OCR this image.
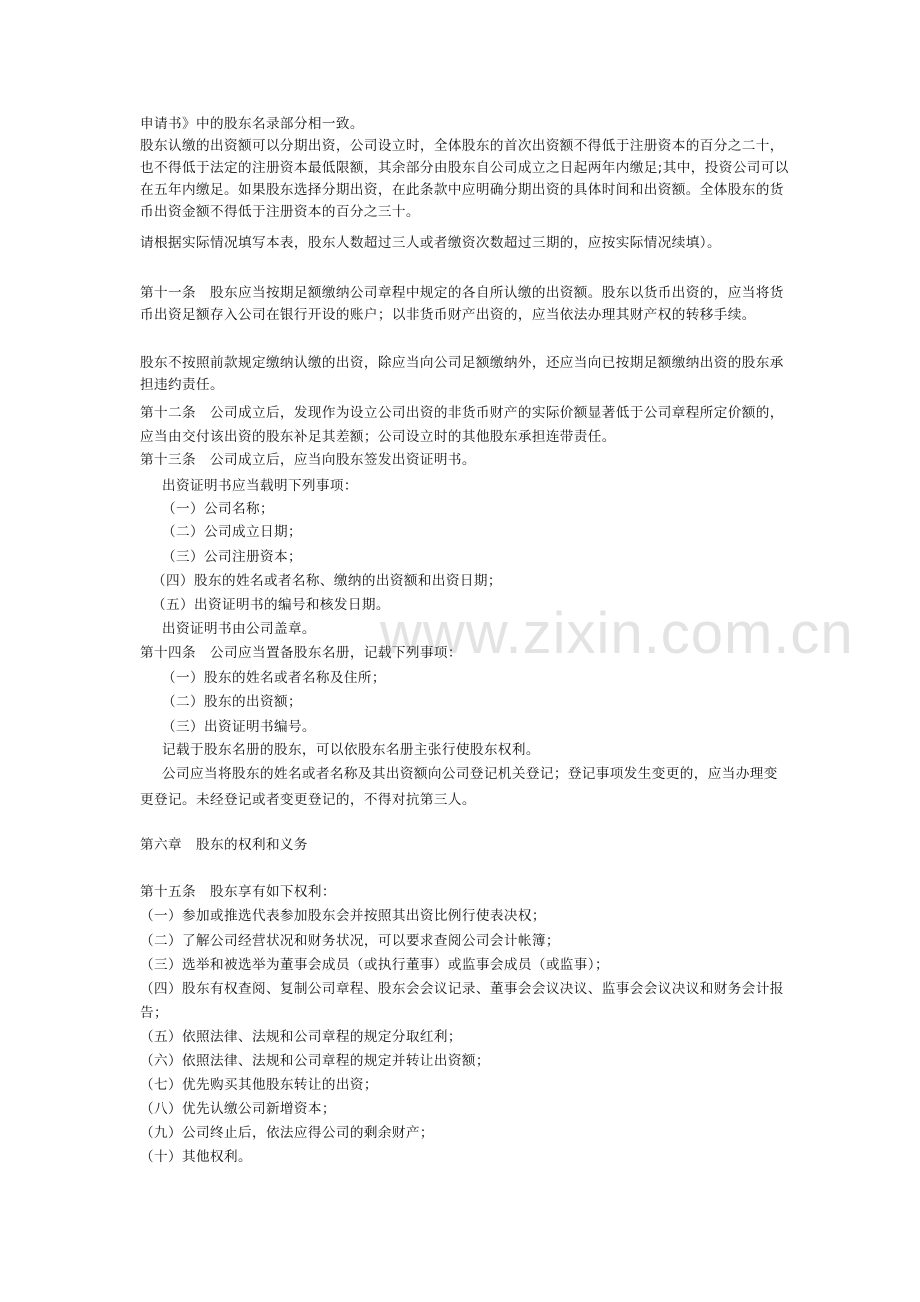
www.zixin.com.cn
申请书》中的股东名录部分相一致。
股东认缴的出资额可以分期出资，公司设立时，全体股东的首次出资额不得低于注册资本的百分之二十，
也不得低于法定的注册资本最低限额，其余部分由股东自公司成立之日起两年内缴足;其中，投资公司可以
在五年内缴足。如果股东选择分期出资，在此条款中应明确分期出资的具体时间和出资额。全体股东的货
币出资金额不得低于注册资本的百分之三十。
请根据实际情况填写本表，股东人数超过三人或者缴资次数超过三期的，应按实际情况续填）。
第十一条　股东应当按期足额缴纳公司章程中规定的各自所认缴的出资额。股东以货币出资的，应当将货
币出资足额存入公司在银行开设的账户；以非货币财产出资的，应当依法办理其财产权的转移手续。
股东不按照前款规定缴纳认缴的出资，除应当向公司足额缴纳外，还应当向已按期足额缴纳出资的股东承
担违约责任。
第十二条　公司成立后，发现作为设立公司出资的非货币财产的实际价额显著低于公司章程所定价额的，
应当由交付该出资的股东补足其差额；公司设立时的其他股东承担连带责任。
第十三条　公司成立后，应当向股东签发出资证明书。
出资证明书应当载明下列事项：
（一）公司名称；
（二）公司成立日期；
（三）公司注册资本；
（四）股东的姓名或者名称、缴纳的出资额和出资日期；
（五）出资证明书的编号和核发日期。
出资证明书由公司盖章。
第十四条　公司应当置备股东名册，记载下列事项：
（一）股东的姓名或者名称及住所；
（二）股东的出资额；
（三）出资证明书编号。
记载于股东名册的股东，可以依股东名册主张行使股东权利。
公司应当将股东的姓名或者名称及其出资额向公司登记机关登记；登记事项发生变更的，应当办理变
更登记。未经登记或者变更登记的，不得对抗第三人。
第六章　股东的权利和义务
第十五条　股东享有如下权利：
（一）参加或推选代表参加股东会并按照其出资比例行使表决权；
（二）了解公司经营状况和财务状况，可以要求查阅公司会计帐簿；
（三）选举和被选举为董事会成员（或执行董事）或监事会成员（或监事）；
（四）股东有权查阅、复制公司章程、股东会会议记录、董事会会议决议、监事会会议决议和财务会计报
告；
（五）依照法律、法规和公司章程的规定分取红利；
（六）依照法律、法规和公司章程的规定并转让出资额；
（七）优先购买其他股东转让的出资；
（八）优先认缴公司新增资本；
（九）公司终止后，依法应得公司的剩余财产；
（十）其他权利。
